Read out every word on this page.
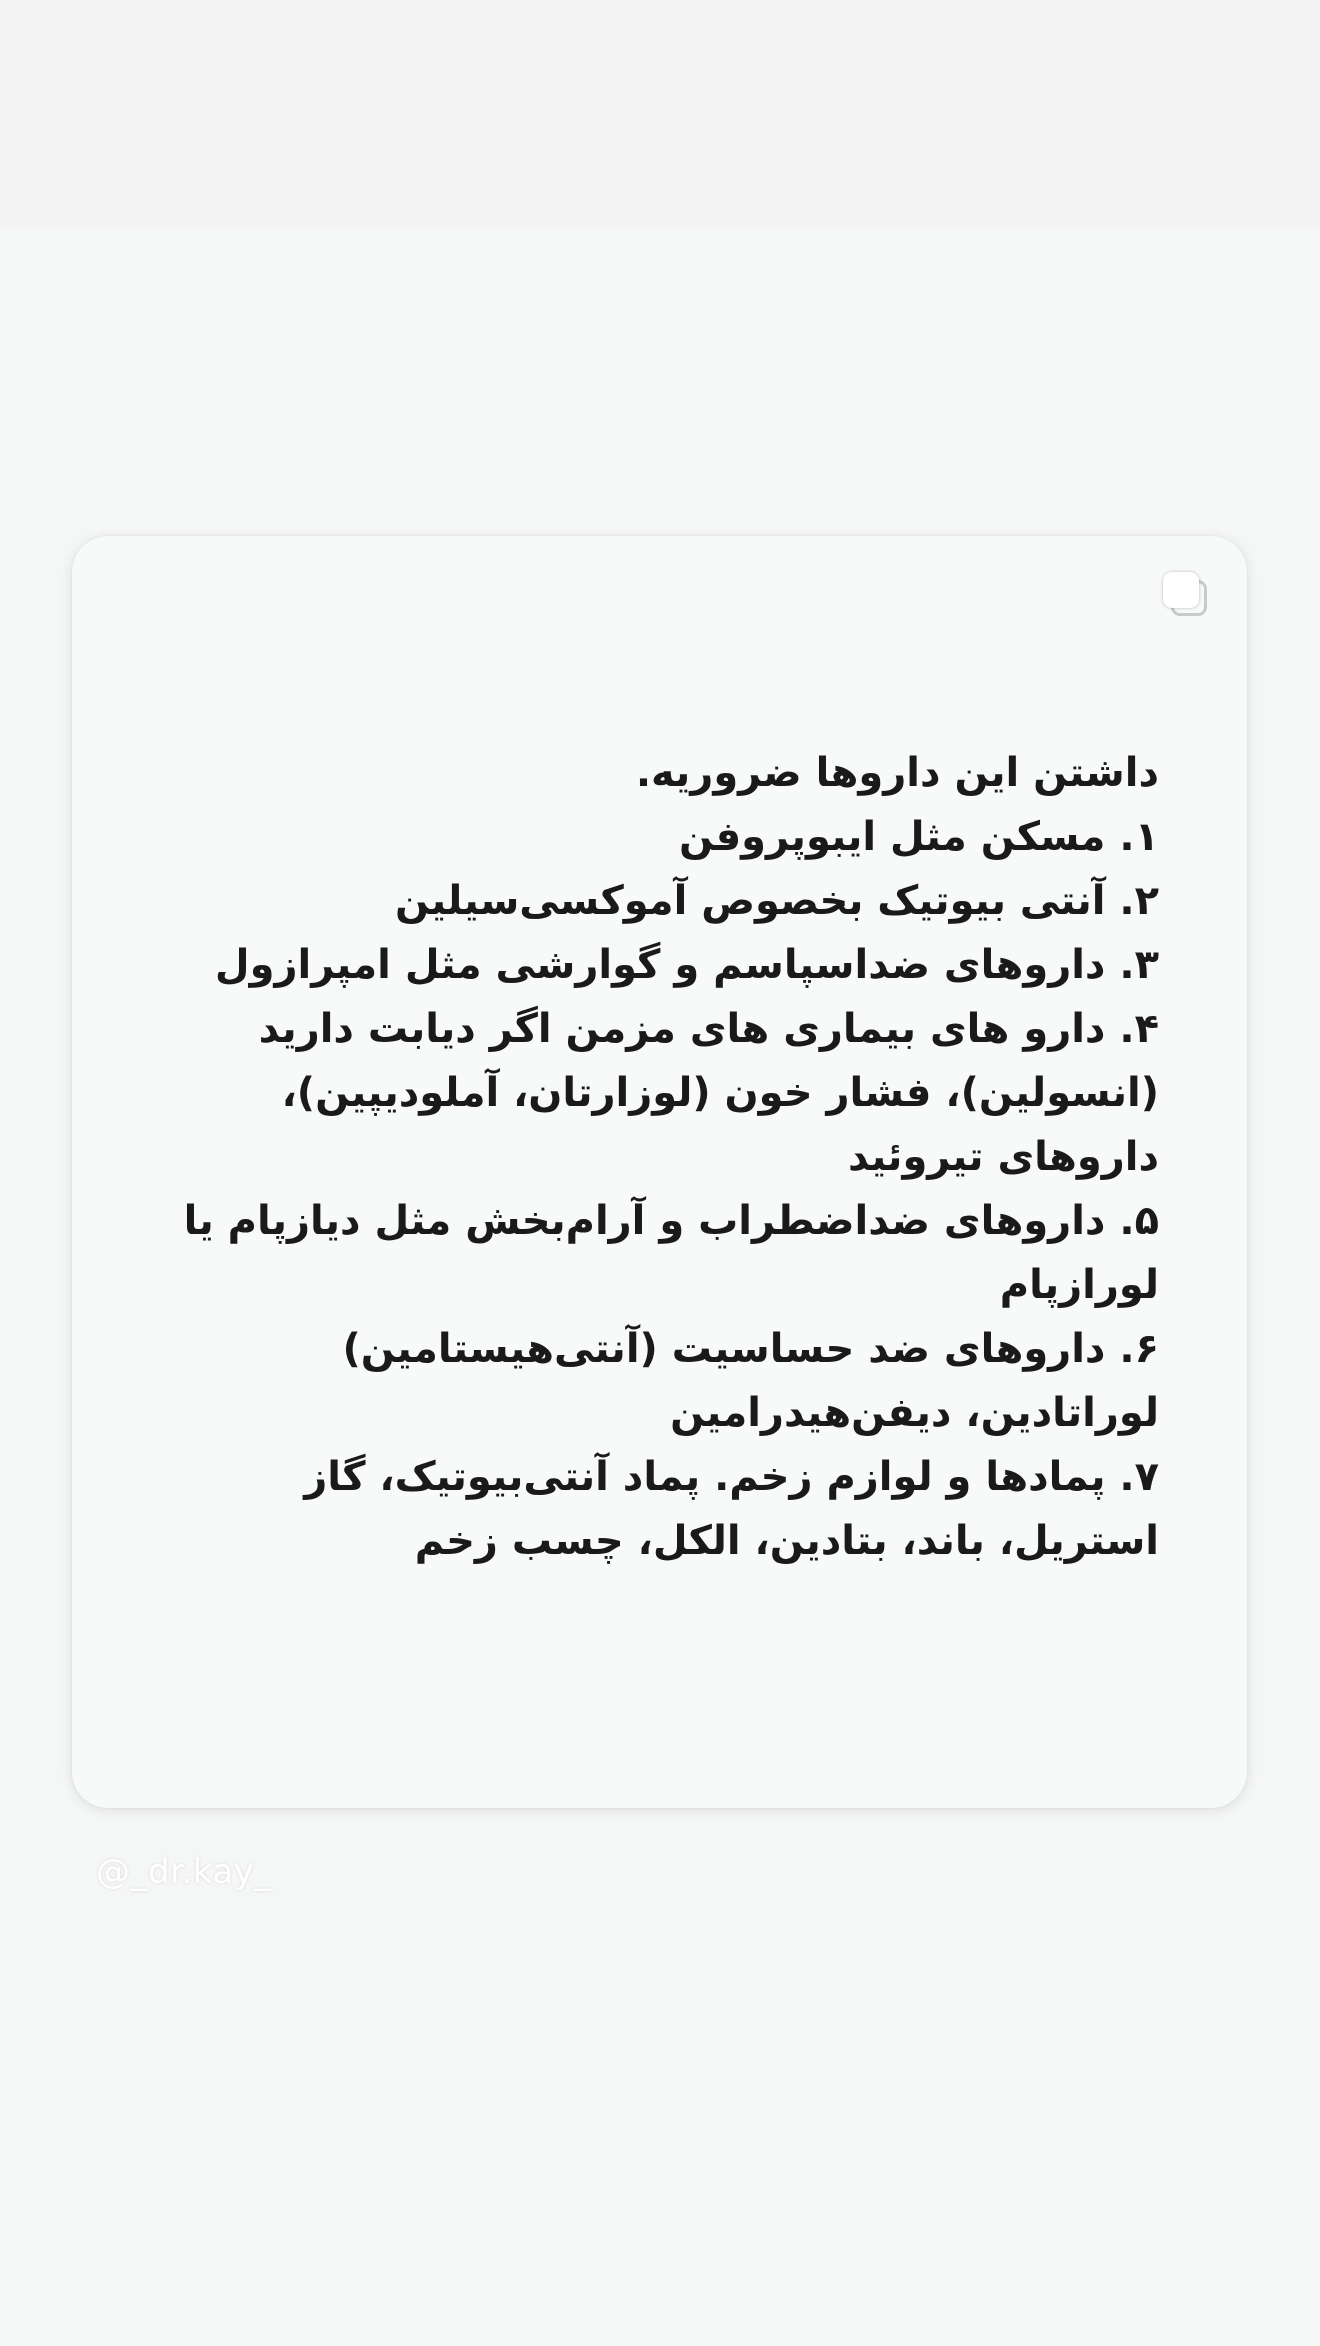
داشتن این داروها ضروریه.

۱. مسکن مثل ایبوپروفن

۲. آنتی بیوتیک بخصوص آموکسی‌سیلین

۳. داروهای ضداسپاسم و گوارشی مثل امپرازول

۴. دارو های بیماری های مزمن اگر دیابت دارید (انسولین)، فشار خون (لوزارتان، آملودیپین)، داروهای تیروئید

۵. داروهای ضداضطراب و آرام‌بخش مثل دیازپام یا لورازپام

۶. داروهای ضد حساسیت (آنتی‌هیستامین) لوراتادین، دیفن‌هیدرامین

۷. پمادها و لوازم زخم. پماد آنتی‌بیوتیک، گاز استریل، باند، بتادین، الکل، چسب زخم

@_dr.kay_
